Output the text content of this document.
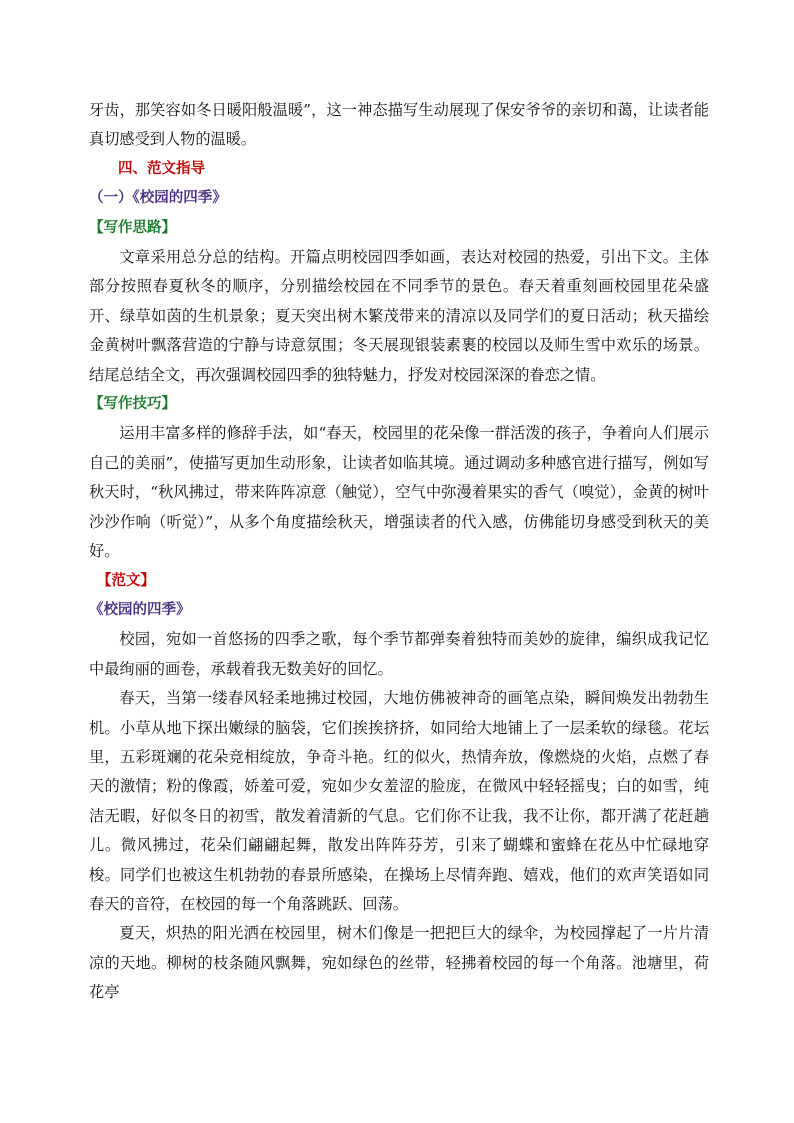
牙齿，那笑容如冬日暖阳般温暖”，这一神态描写生动展现了保安爷爷的亲切和蔼，让读者能真切感受到人物的温暖。

四、范文指导

（一）《校园的四季》

【写作思路】

文章采用总分总的结构。开篇点明校园四季如画，表达对校园的热爱，引出下文。主体部分按照春夏秋冬的顺序，分别描绘校园在不同季节的景色。春天着重刻画校园里花朵盛开、绿草如茵的生机景象；夏天突出树木繁茂带来的清凉以及同学们的夏日活动；秋天描绘金黄树叶飘落营造的宁静与诗意氛围；冬天展现银装素裹的校园以及师生雪中欢乐的场景。结尾总结全文，再次强调校园四季的独特魅力，抒发对校园深深的眷恋之情。

【写作技巧】

运用丰富多样的修辞手法，如“春天，校园里的花朵像一群活泼的孩子，争着向人们展示自己的美丽”，使描写更加生动形象，让读者如临其境。通过调动多种感官进行描写，例如写秋天时，“秋风拂过，带来阵阵凉意（触觉），空气中弥漫着果实的香气（嗅觉），金黄的树叶沙沙作响（听觉）”，从多个角度描绘秋天，增强读者的代入感，仿佛能切身感受到秋天的美好。

【范文】

《校园的四季》

校园，宛如一首悠扬的四季之歌，每个季节都弹奏着独特而美妙的旋律，编织成我记忆中最绚丽的画卷，承载着我无数美好的回忆。

春天，当第一缕春风轻柔地拂过校园，大地仿佛被神奇的画笔点染，瞬间焕发出勃勃生机。小草从地下探出嫩绿的脑袋，它们挨挨挤挤，如同给大地铺上了一层柔软的绿毯。花坛里，五彩斑斓的花朵竞相绽放，争奇斗艳。红的似火，热情奔放，像燃烧的火焰，点燃了春天的激情；粉的像霞，娇羞可爱，宛如少女羞涩的脸庞，在微风中轻轻摇曳；白的如雪，纯洁无暇，好似冬日的初雪，散发着清新的气息。它们你不让我，我不让你，都开满了花赶趟儿。微风拂过，花朵们翩翩起舞，散发出阵阵芬芳，引来了蝴蝶和蜜蜂在花丛中忙碌地穿梭。同学们也被这生机勃勃的春景所感染，在操场上尽情奔跑、嬉戏，他们的欢声笑语如同春天的音符，在校园的每一个角落跳跃、回荡。

夏天，炽热的阳光洒在校园里，树木们像是一把把巨大的绿伞，为校园撑起了一片片清凉的天地。柳树的枝条随风飘舞，宛如绿色的丝带，轻拂着校园的每一个角落。池塘里，荷花亭
